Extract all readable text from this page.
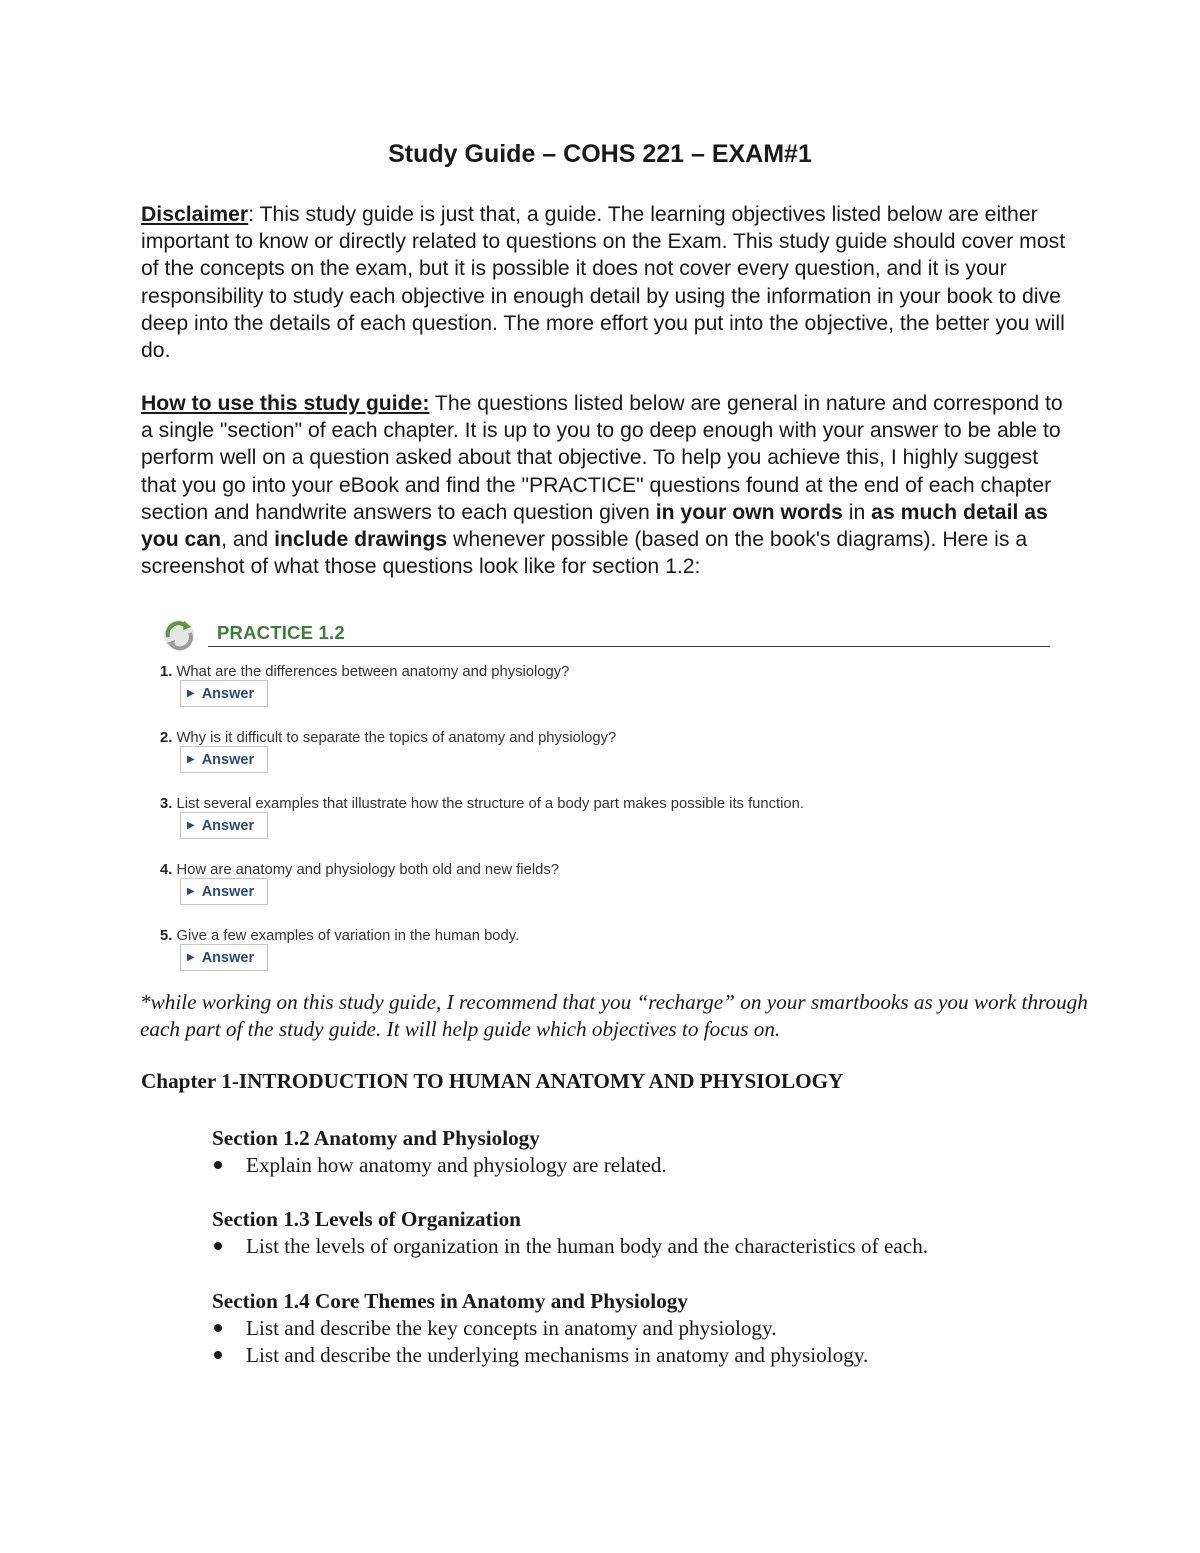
Study Guide – COHS 221 – EXAM#1

Disclaimer: This study guide is just that, a guide. The learning objectives listed below are either important to know or directly related to questions on the Exam. This study guide should cover most of the concepts on the exam, but it is possible it does not cover every question, and it is your responsibility to study each objective in enough detail by using the information in your book to dive deep into the details of each question. The more effort you put into the objective, the better you will do.

How to use this study guide: The questions listed below are general in nature and correspond to a single "section" of each chapter. It is up to you to go deep enough with your answer to be able to perform well on a question asked about that objective. To help you achieve this, I highly suggest that you go into your eBook and find the "PRACTICE" questions found at the end of each chapter section and handwrite answers to each question given in your own words in as much detail as you can, and include drawings whenever possible (based on the book's diagrams). Here is a screenshot of what those questions look like for section 1.2:

PRACTICE 1.2
1. What are the differences between anatomy and physiology?
▶ Answer
2. Why is it difficult to separate the topics of anatomy and physiology?
▶ Answer
3. List several examples that illustrate how the structure of a body part makes possible its function.
▶ Answer
4. How are anatomy and physiology both old and new fields?
▶ Answer
5. Give a few examples of variation in the human body.
▶ Answer

*while working on this study guide, I recommend that you “recharge” on your smartbooks as you work through each part of the study guide. It will help guide which objectives to focus on.

Chapter 1-INTRODUCTION TO HUMAN ANATOMY AND PHYSIOLOGY
Section 1.2 Anatomy and Physiology
Explain how anatomy and physiology are related.
Section 1.3 Levels of Organization
List the levels of organization in the human body and the characteristics of each.
Section 1.4 Core Themes in Anatomy and Physiology
List and describe the key concepts in anatomy and physiology.
List and describe the underlying mechanisms in anatomy and physiology.
